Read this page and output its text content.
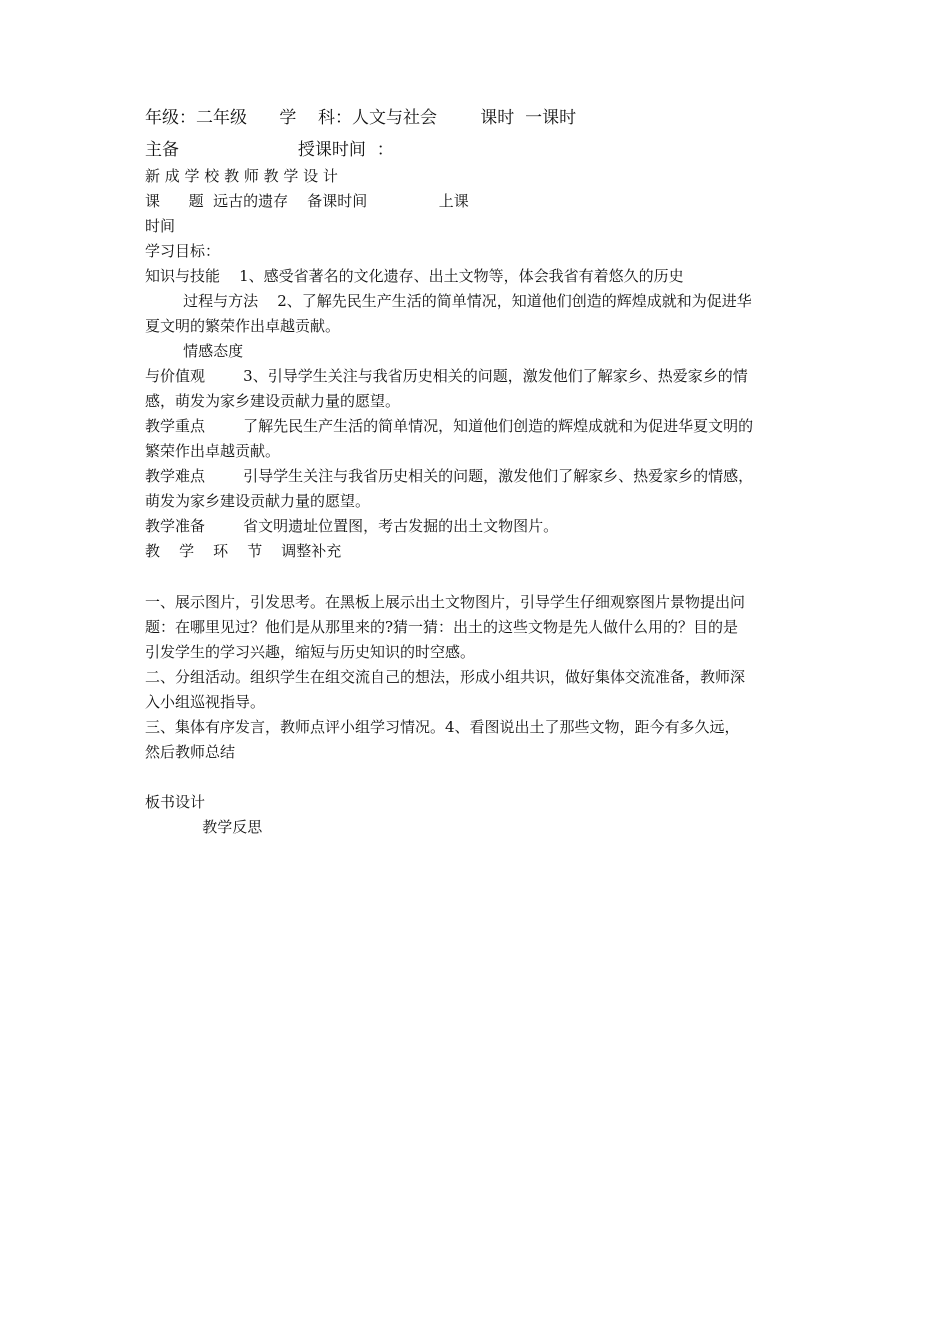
年级：二年级      学    科：人文与社会        课时  一课时
主备                      授课时间  ：
新 成 学 校 教 师 教 学 设 计
课      题  远古的遗存    备课时间               上课
时间
学习目标：
知识与技能    1、感受省著名的文化遗存、出土文物等，体会我省有着悠久的历史
过程与方法    2、了解先民生产生活的简单情况，知道他们创造的辉煌成就和为促进华
夏文明的繁荣作出卓越贡献。
情感态度
与价值观        3、引导学生关注与我省历史相关的问题，激发他们了解家乡、热爱家乡的情
感，萌发为家乡建设贡献力量的愿望。
教学重点        了解先民生产生活的简单情况，知道他们创造的辉煌成就和为促进华夏文明的
繁荣作出卓越贡献。
教学难点        引导学生关注与我省历史相关的问题，激发他们了解家乡、热爱家乡的情感，
萌发为家乡建设贡献力量的愿望。
教学准备        省文明遗址位置图，考古发掘的出土文物图片。
教    学    环    节    调整补充
一、展示图片，引发思考。在黑板上展示出土文物图片，引导学生仔细观察图片景物提出问
题：在哪里见过？他们是从那里来的?猜一猜：出土的这些文物是先人做什么用的？目的是
引发学生的学习兴趣，缩短与历史知识的时空感。
二、分组活动。组织学生在组交流自己的想法，形成小组共识，做好集体交流准备，教师深
入小组巡视指导。
三、集体有序发言，教师点评小组学习情况。4、看图说出土了那些文物，距今有多久远，
然后教师总结
板书设计
教学反思
